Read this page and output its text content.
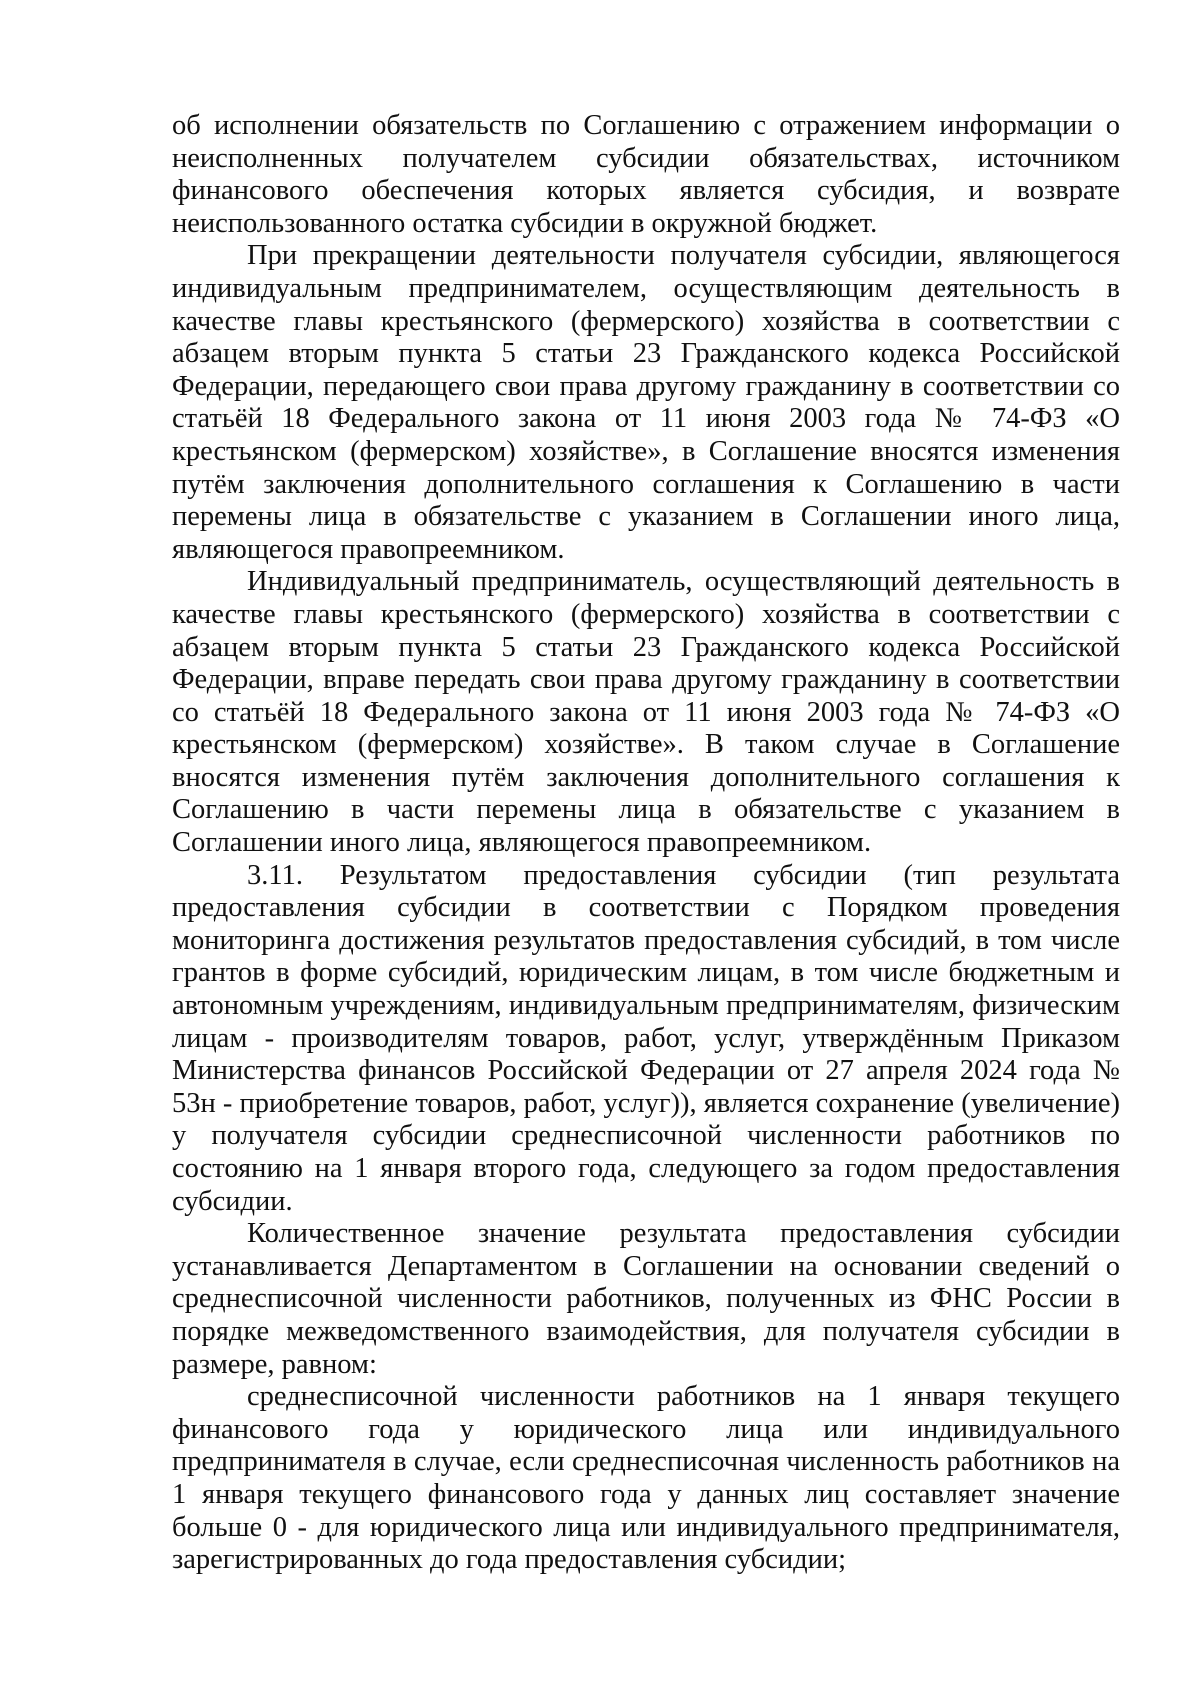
об исполнении обязательств по Соглашению с отражением информации о неисполненных получателем субсидии обязательствах, источником финансового обеспечения которых является субсидия, и возврате неиспользованного остатка субсидии в окружной бюджет.

При прекращении деятельности получателя субсидии, являющегося индивидуальным предпринимателем, осуществляющим деятельность в качестве главы крестьянского (фермерского) хозяйства в соответствии с абзацем вторым пункта 5 статьи 23 Гражданского кодекса Российской Федерации, передающего свои права другому гражданину в соответствии со статьёй 18 Федерального закона от 11 июня 2003 года № 74-ФЗ «О крестьянском (фермерском) хозяйстве», в Соглашение вносятся изменения путём заключения дополнительного соглашения к Соглашению в части перемены лица в обязательстве с указанием в Соглашении иного лица, являющегося правопреемником.

Индивидуальный предприниматель, осуществляющий деятельность в качестве главы крестьянского (фермерского) хозяйства в соответствии с абзацем вторым пункта 5 статьи 23 Гражданского кодекса Российской Федерации, вправе передать свои права другому гражданину в соответствии со статьёй 18 Федерального закона от 11 июня 2003 года № 74-ФЗ «О крестьянском (фермерском) хозяйстве». В таком случае в Соглашение вносятся изменения путём заключения дополнительного соглашения к Соглашению в части перемены лица в обязательстве с указанием в Соглашении иного лица, являющегося правопреемником.

3.11. Результатом предоставления субсидии (тип результата предоставления субсидии в соответствии с Порядком проведения мониторинга достижения результатов предоставления субсидий, в том числе грантов в форме субсидий, юридическим лицам, в том числе бюджетным и автономным учреждениям, индивидуальным предпринимателям, физическим лицам - производителям товаров, работ, услуг, утверждённым Приказом Министерства финансов Российской Федерации от 27 апреля 2024 года № 53н - приобретение товаров, работ, услуг)), является сохранение (увеличение) у получателя субсидии среднесписочной численности работников по состоянию на 1 января второго года, следующего за годом предоставления субсидии.

Количественное значение результата предоставления субсидии устанавливается Департаментом в Соглашении на основании сведений о среднесписочной численности работников, полученных из ФНС России в порядке межведомственного взаимодействия, для получателя субсидии в размере, равном:

среднесписочной численности работников на 1 января текущего финансового года у юридического лица или индивидуального предпринимателя в случае, если среднесписочная численность работников на 1 января текущего финансового года у данных лиц составляет значение больше 0 - для юридического лица или индивидуального предпринимателя, зарегистрированных до года предоставления субсидии;
